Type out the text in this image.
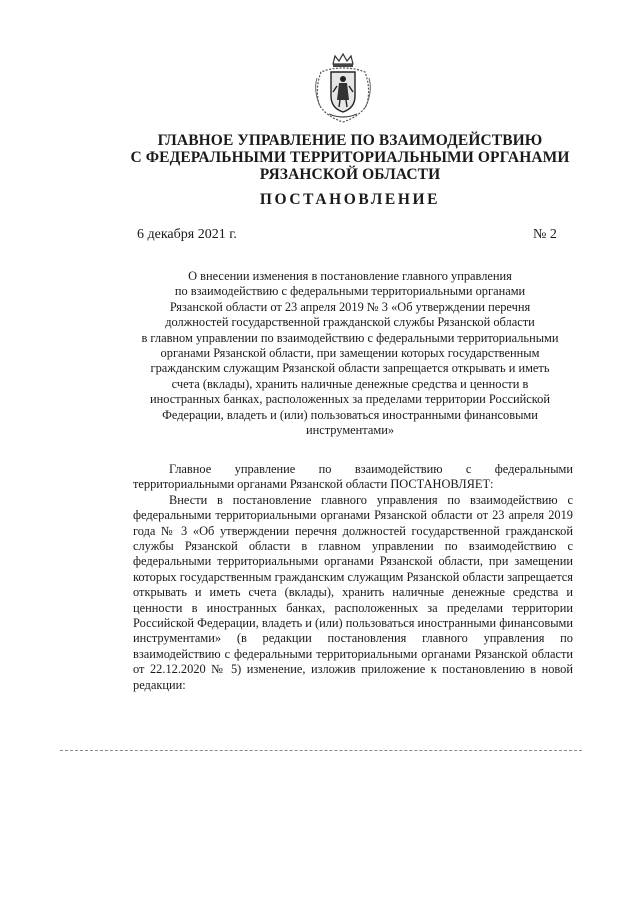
ГЛАВНОЕ УПРАВЛЕНИЕ ПО ВЗАИМОДЕЙСТВИЮ
С ФЕДЕРАЛЬНЫМИ ТЕРРИТОРИАЛЬНЫМИ ОРГАНАМИ
РЯЗАНСКОЙ ОБЛАСТИ
ПОСТАНОВЛЕНИЕ
6 декабря 2021 г.	№ 2
О внесении изменения в постановление главного управления
по взаимодействию с федеральными территориальными органами
Рязанской области от 23 апреля 2019 № 3 «Об утверждении перечня
должностей государственной гражданской службы Рязанской области
в главном управлении по взаимодействию с федеральными территориальными
органами Рязанской области, при замещении которых государственным
гражданским служащим Рязанской области запрещается открывать и иметь
счета (вклады), хранить наличные денежные средства и ценности в
иностранных банках, расположенных за пределами территории Российской
Федерации, владеть и (или) пользоваться иностранными финансовыми
инструментами»

Главное управление по взаимодействию с федеральными территориальными органами Рязанской области ПОСТАНОВЛЯЕТ:

Внести в постановление главного управления по взаимодействию с федеральными территориальными органами Рязанской области от 23 апреля 2019 года № 3 «Об утверждении перечня должностей государственной гражданской службы Рязанской области в главном управлении по взаимодействию с федеральными территориальными органами Рязанской области, при замещении которых государственным гражданским служащим Рязанской области запрещается открывать и иметь счета (вклады), хранить наличные денежные средства и ценности в иностранных банках, расположенных за пределами территории Российской Федерации, владеть и (или) пользоваться иностранными финансовыми инструментами» (в редакции постановления главного управления по взаимодействию с федеральными территориальными органами Рязанской области от 22.12.2020 № 5) изменение, изложив приложение к постановлению в новой редакции:
